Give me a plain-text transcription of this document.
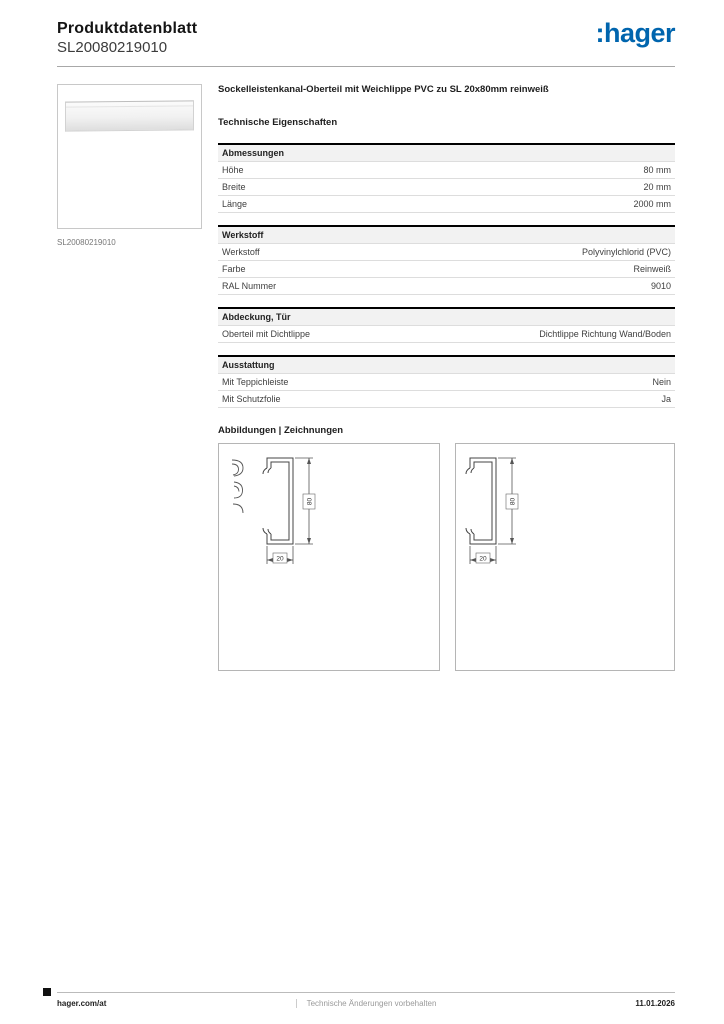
Produktdatenblatt
SL20080219010	:hager
SL20080219010
Sockelleistenkanal-Oberteil mit Weichlippe PVC zu SL 20x80mm reinweiß
Technische Eigenschaften
Abmessungen
Höhe	80 mm
Breite	20 mm
Länge	2000 mm
Werkstoff
Werkstoff	Polyvinylchlorid (PVC)
Farbe	Reinweiß
RAL Nummer	9010
Abdeckung, Tür
Oberteil mit Dichtlippe	Dichtlippe Richtung Wand/Boden
Ausstattung
Mit Teppichleiste	Nein
Mit Schutzfolie	Ja
Abbildungen | Zeichnungen
80
20
80
20
hager.com/at	Technische Änderungen vorbehalten	11.01.2026
